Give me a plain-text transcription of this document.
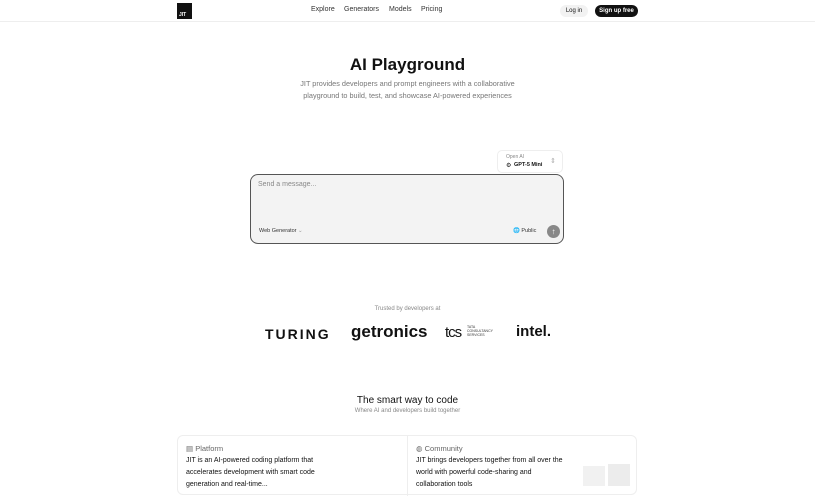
JIT
Explore Generators Models Pricing	Log in	Sign up free
AI Playground
JIT provides developers and prompt engineers with a collaborative
playground to build, test, and showcase AI-powered experiences
Open AI
⚙ GPT-5 Mini ⇕
Send a message...
Web Generator ⌄	🌐 Public	↑
Trusted by developers at
TURING getronics tcs TATA CONSULTANCY SERVICES	intel.
The smart way to code
Where AI and developers build together
▤ Platform
JIT is an AI-powered coding platform that accelerates development with smart code generation and real-time...
◍ Community
JIT brings developers together from all over the world with powerful code-sharing and collaboration tools
